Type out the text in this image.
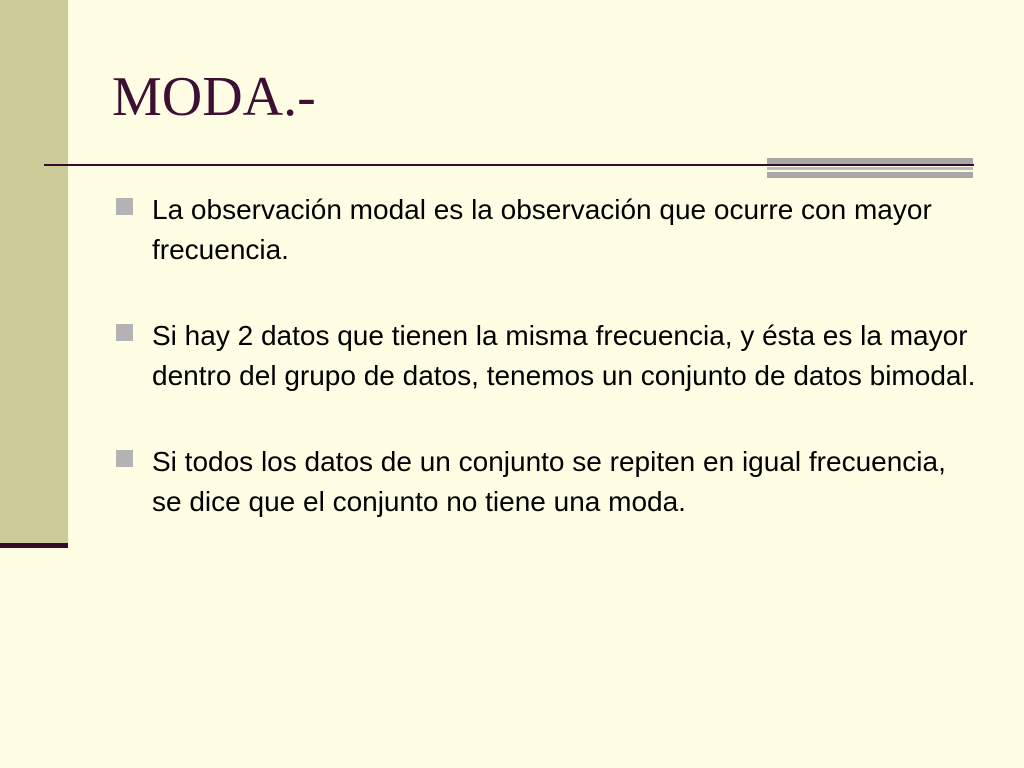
MODA.-
La observación modal es la observación que ocurre con mayor frecuencia.
Si hay 2 datos que tienen la misma frecuencia, y ésta es la mayor dentro del grupo de datos, tenemos un conjunto de datos bimodal.
Si todos los datos de un conjunto se repiten en igual frecuencia, se dice que el conjunto no tiene una moda.
